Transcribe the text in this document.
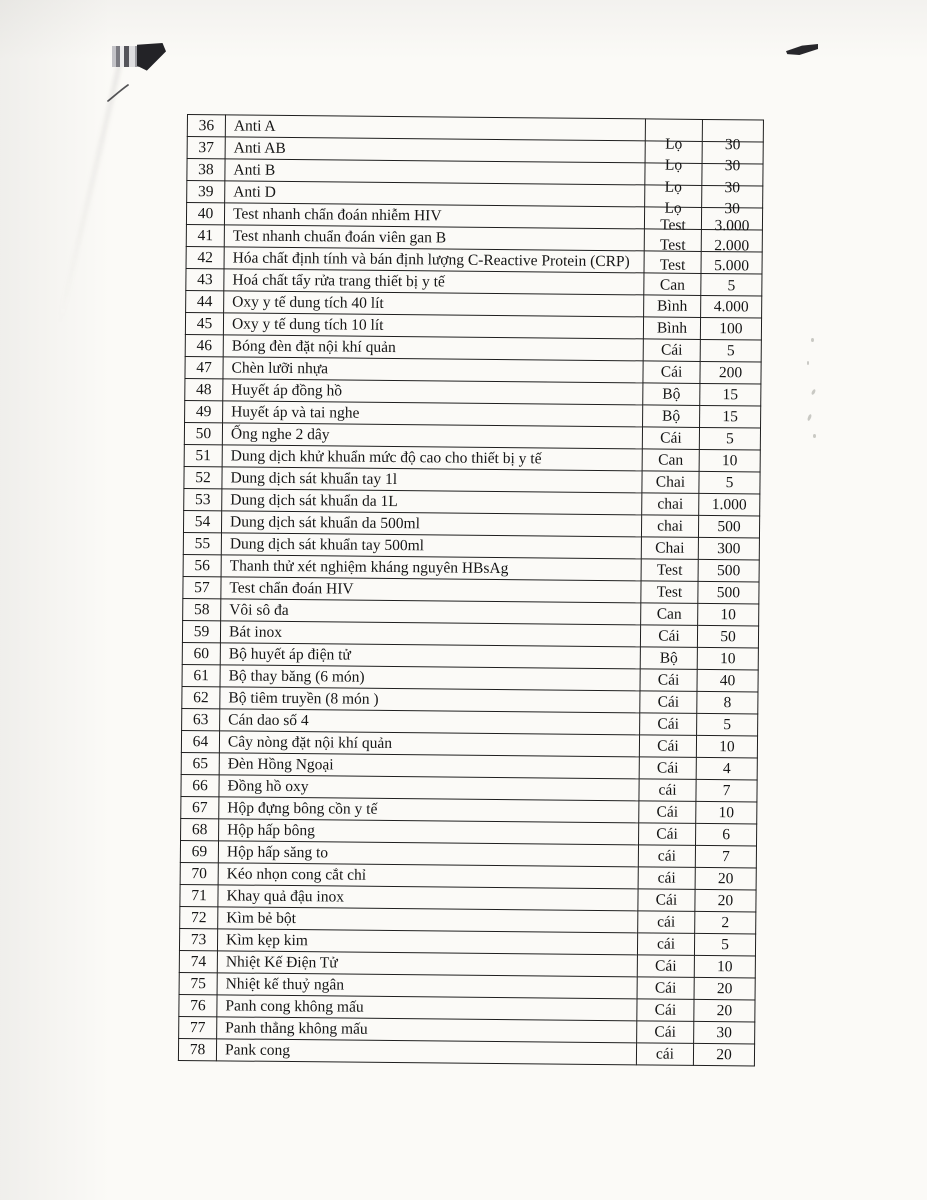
36	Anti A	Lọ	30
37	Anti AB	Lọ	30
38	Anti B	Lọ	30
39	Anti D	Lọ	30
40	Test nhanh chẩn đoán nhiễm HIV	Test	3.000
41	Test nhanh chuẩn đoán viên gan B	Test	2.000
42	Hóa chất định tính và bán định lượng C-Reactive Protein (CRP)	Test	5.000
43	Hoá chất tẩy rửa trang thiết bị y tế	Can	5
44	Oxy y tế dung tích 40 lít	Bình	4.000
45	Oxy y tế dung tích 10 lít	Bình	100
46	Bóng đèn đặt nội khí quản	Cái	5
47	Chèn lưỡi nhựa	Cái	200
48	Huyết áp đồng hồ	Bộ	15
49	Huyết áp và tai nghe	Bộ	15
50	Ống nghe 2 dây	Cái	5
51	Dung dịch khử khuẩn mức độ cao cho thiết bị y tế	Can	10
52	Dung dịch sát khuẩn tay 1l	Chai	5
53	Dung dịch sát khuẩn da 1L	chai	1.000
54	Dung dịch sát khuẩn da 500ml	chai	500
55	Dung dịch sát khuẩn tay 500ml	Chai	300
56	Thanh thử xét nghiệm kháng nguyên HBsAg	Test	500
57	Test chẩn đoán HIV	Test	500
58	Vôi sô đa	Can	10
59	Bát inox	Cái	50
60	Bộ huyết áp điện tử	Bộ	10
61	Bộ thay băng (6 món)	Cái	40
62	Bộ tiêm truyền (8 món )	Cái	8
63	Cán dao số 4	Cái	5
64	Cây nòng đặt nội khí quản	Cái	10
65	Đèn Hồng Ngoại	Cái	4
66	Đồng hồ oxy	cái	7
67	Hộp đựng bông cồn y tế	Cái	10
68	Hộp hấp bông	Cái	6
69	Hộp hấp săng to	cái	7
70	Kéo nhọn cong cắt chỉ	cái	20
71	Khay quả đậu inox	Cái	20
72	Kìm bẻ bột	cái	2
73	Kìm kẹp kim	cái	5
74	Nhiệt Kế Điện Tử	Cái	10
75	Nhiệt kế thuỷ ngân	Cái	20
76	Panh cong không mấu	Cái	20
77	Panh thẳng không mấu	Cái	30
78	Pank cong	cái	20
